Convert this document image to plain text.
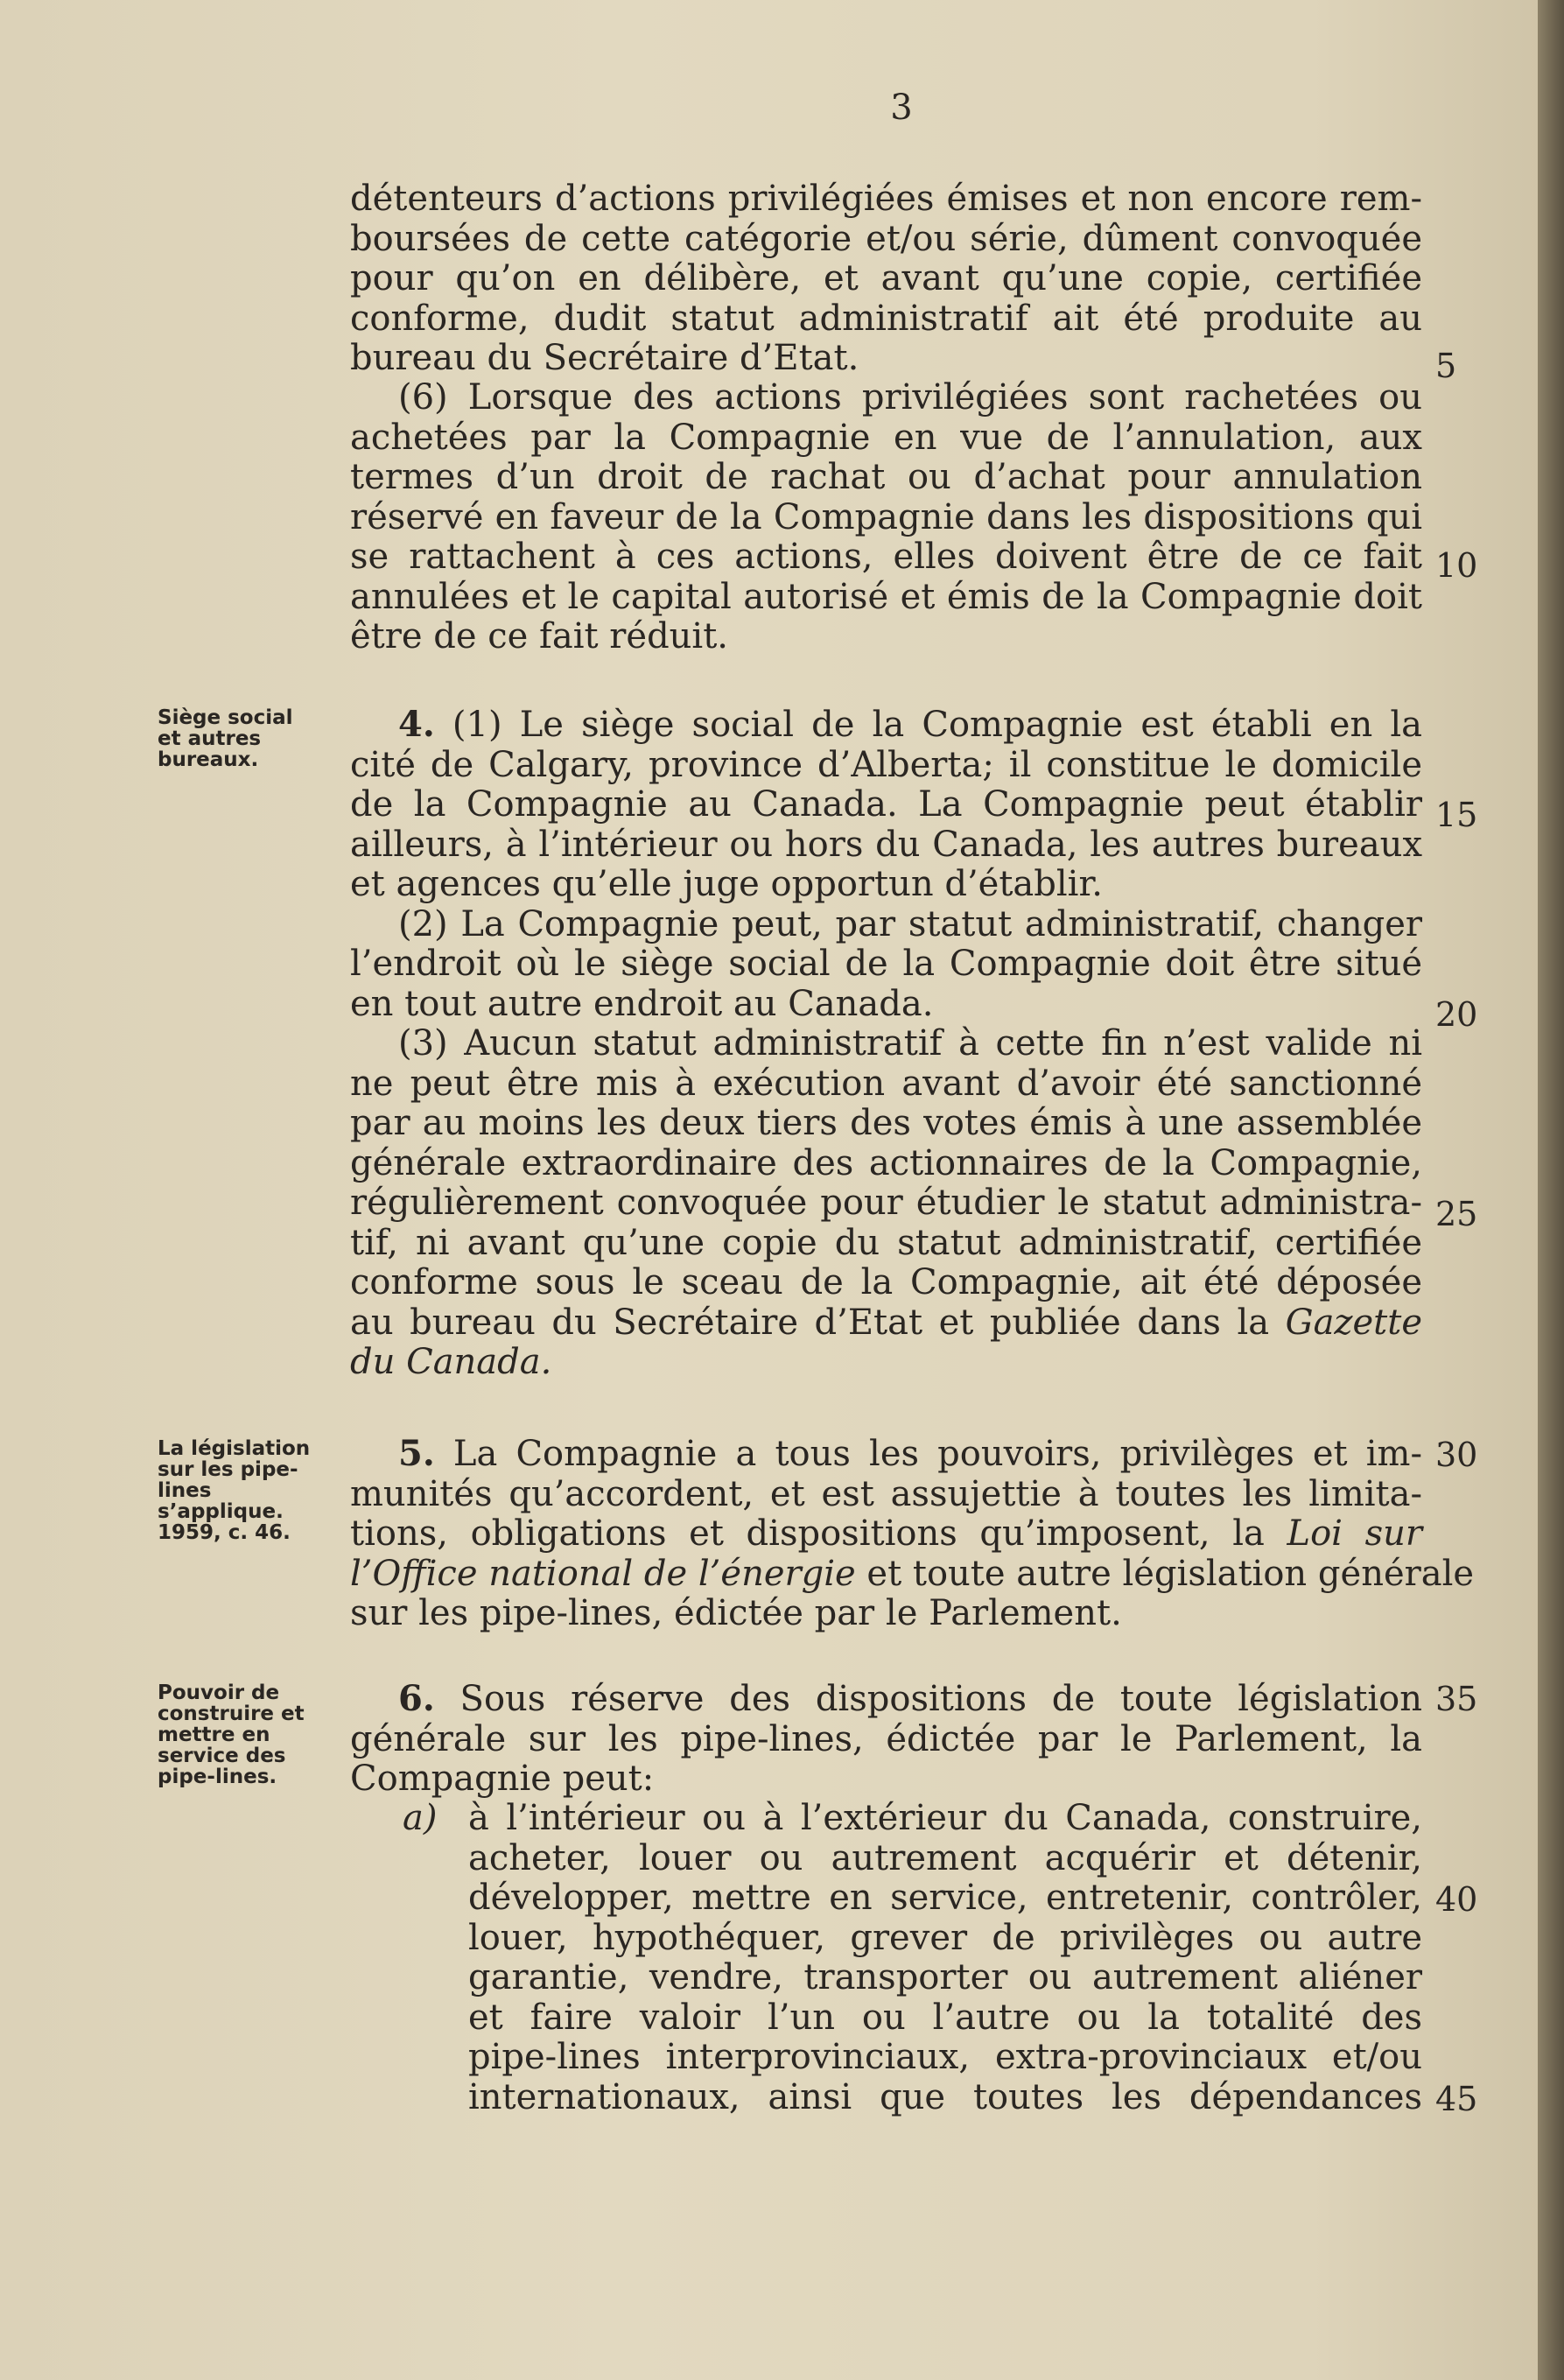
3
détenteurs d’actions privilégiées émises et non encore rem-
boursées de cette catégorie et/ou série, dûment convoquée
pour qu’on en délibère, et avant qu’une copie, certifiée
conforme, dudit statut administratif ait été produite au
bureau du Secrétaire d’Etat.
(6) Lorsque des actions privilégiées sont rachetées ou
achetées par la Compagnie en vue de l’annulation, aux
termes d’un droit de rachat ou d’achat pour annulation
réservé en faveur de la Compagnie dans les dispositions qui
se rattachent à ces actions, elles doivent être de ce fait
annulées et le capital autorisé et émis de la Compagnie doit
être de ce fait réduit.
Siège social
et autres
bureaux.
4. (1) Le siège social de la Compagnie est établi en la
cité de Calgary, province d’Alberta; il constitue le domicile
de la Compagnie au Canada. La Compagnie peut établir
ailleurs, à l’intérieur ou hors du Canada, les autres bureaux
et agences qu’elle juge opportun d’établir.
(2) La Compagnie peut, par statut administratif, changer
l’endroit où le siège social de la Compagnie doit être situé
en tout autre endroit au Canada.
(3) Aucun statut administratif à cette fin n’est valide ni
ne peut être mis à exécution avant d’avoir été sanctionné
par au moins les deux tiers des votes émis à une assemblée
générale extraordinaire des actionnaires de la Compagnie,
régulièrement convoquée pour étudier le statut administra-
tif, ni avant qu’une copie du statut administratif, certifiée
conforme sous le sceau de la Compagnie, ait été déposée
au bureau du Secrétaire d’Etat et publiée dans la Gazette
du Canada.
La législation
sur les pipe-
lines
s’applique.
1959, c. 46.
5. La Compagnie a tous les pouvoirs, privilèges et im-
munités qu’accordent, et est assujettie à toutes les limita-
tions, obligations et dispositions qu’imposent, la Loi sur
l’Office national de l’énergie et toute autre législation générale
sur les pipe-lines, édictée par le Parlement.
Pouvoir de
construire et
mettre en
service des
pipe-lines.
6. Sous réserve des dispositions de toute législation
générale sur les pipe-lines, édictée par le Parlement, la
Compagnie peut:
a) à l’intérieur ou à l’extérieur du Canada, construire,
acheter, louer ou autrement acquérir et détenir,
développer, mettre en service, entretenir, contrôler,
louer, hypothéquer, grever de privilèges ou autre
garantie, vendre, transporter ou autrement aliéner
et faire valoir l’un ou l’autre ou la totalité des
pipe-lines interprovinciaux, extra-provinciaux et/ou
internationaux, ainsi que toutes les dépendances
5
10
15
20
25
30
35
40
45
